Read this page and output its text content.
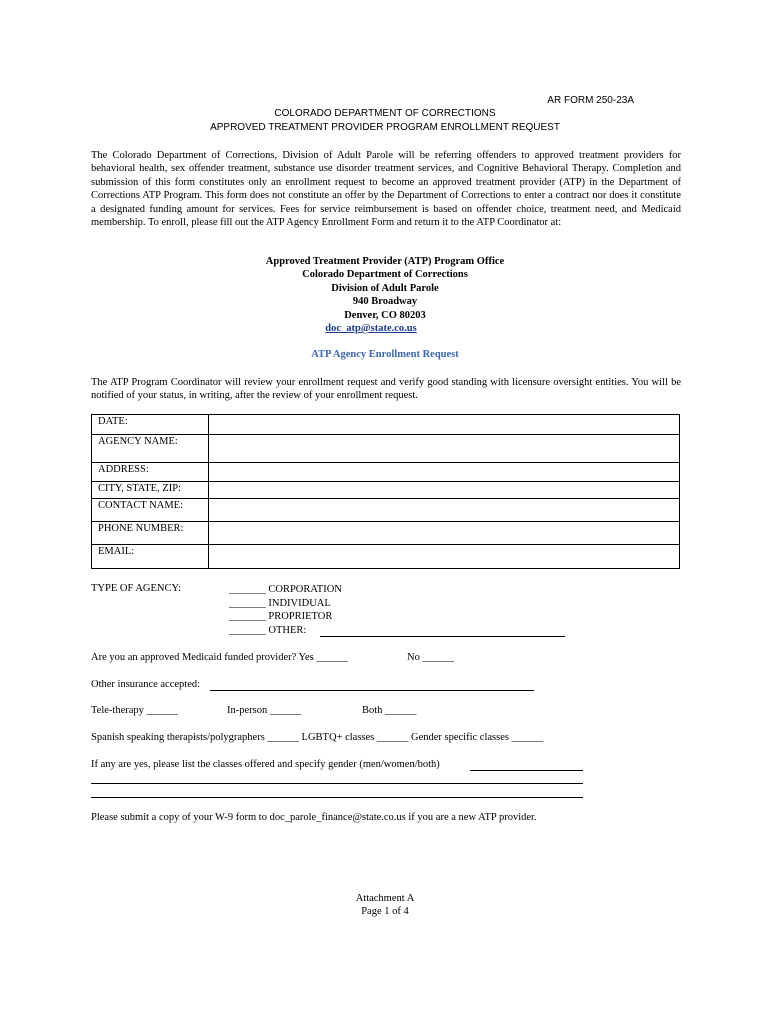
AR FORM 250-23A
COLORADO DEPARTMENT OF CORRECTIONS
APPROVED TREATMENT PROVIDER PROGRAM ENROLLMENT REQUEST
The Colorado Department of Corrections, Division of Adult Parole will be referring offenders to approved treatment providers for behavioral health, sex offender treatment, substance use disorder treatment services, and Cognitive Behavioral Therapy. Completion and submission of this form constitutes only an enrollment request to become an approved treatment provider (ATP) in the Department of Corrections ATP Program. This form does not constitute an offer by the Department of Corrections to enter a contract nor does it constitute a designated funding amount for services. Fees for service reimbursement is based on offender choice, treatment need, and Medicaid membership. To enroll, please fill out the ATP Agency Enrollment Form and return it to the ATP Coordinator at:
Approved Treatment Provider (ATP) Program Office
Colorado Department of Corrections
Division of Adult Parole
940 Broadway
Denver, CO 80203
doc_atp@state.co.us
ATP Agency Enrollment Request
The ATP Program Coordinator will review your enrollment request and verify good standing with licensure oversight entities. You will be notified of your status, in writing, after the review of your enrollment request.
DATE:	
AGENCY NAME:	
ADDRESS:	
CITY, STATE, ZIP:	
CONTACT NAME:	
PHONE NUMBER:	
EMAIL:	
TYPE OF AGENCY:	_______ CORPORATION
_______ INDIVIDUAL
_______ PROPRIETOR
_______ OTHER:
Are you an approved Medicaid funded provider? Yes ______	No ______
Other insurance accepted:
Tele-therapy ______	In-person ______	Both ______
Spanish speaking therapists/polygraphers ______ LGBTQ+ classes ______ Gender specific classes ______
If any are yes, please list the classes offered and specify gender (men/women/both)
Please submit a copy of your W-9 form to doc_parole_finance@state.co.us if you are a new ATP provider.
Attachment A
Page 1 of 4
